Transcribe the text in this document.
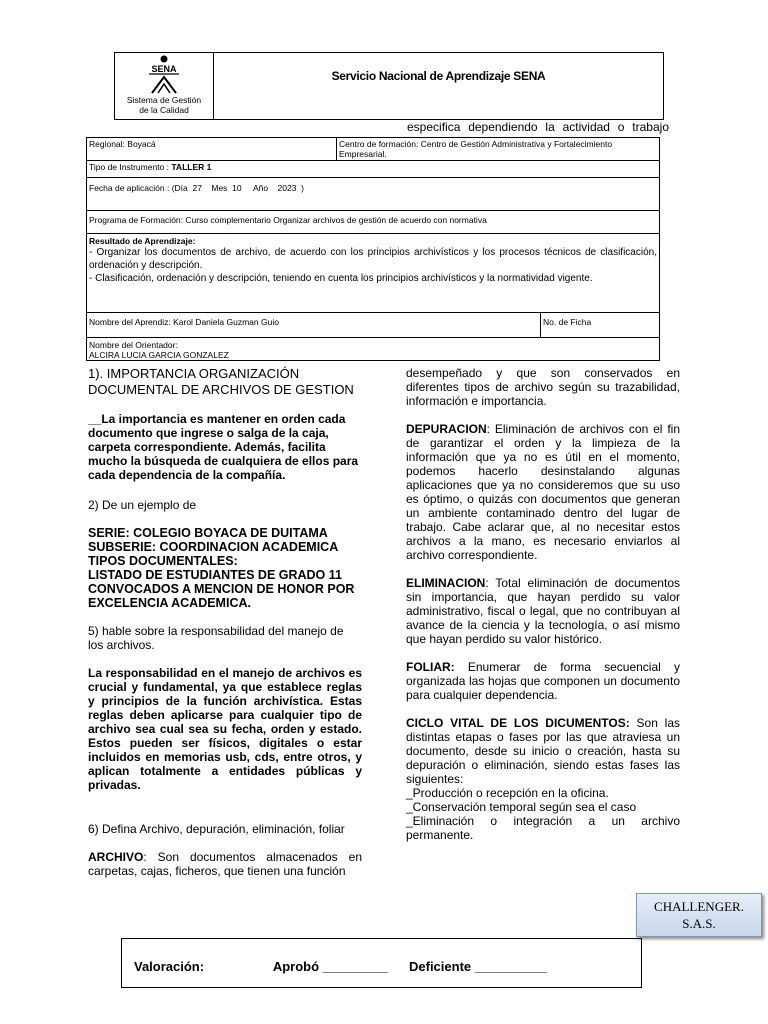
SENA
Sistema de Gestión
de la Calidad
Servicio Nacional de Aprendizaje SENA
especifica dependiendo la actividad o trabajo
Regional: Boyacá	Centro de formación: Centro de Gestión Administrativa y Fortalecimiento Empresarial.
Tipo de Instrumento : TALLER 1
Fecha de aplicación : (Día  27    Mes  10     Año    2023  )
Programa de Formación: Curso complementario Organizar archivos de gestión de acuerdo con normativa
Resultado de Aprendizaje:
- Organizar los documentos de archivo, de acuerdo con los principios archivísticos y los procesos técnicos de clasificación, ordenación y descripción.
- Clasificación, ordenación y descripción, teniendo en cuenta los principios archivísticos y la normatividad vigente.
Nombre del Aprendiz: Karol Daniela Guzman Guio	No. de Ficha
Nombre del Orientador:
ALCIRA LUCIA GARCIA GONZALEZ

1). IMPORTANCIA ORGANIZACIÓN DOCUMENTAL DE ARCHIVOS DE GESTION

__La importancia es mantener en orden cada documento que ingrese o salga de la caja, carpeta correspondiente. Además, facilita mucho la búsqueda de cualquiera de ellos para cada dependencia de la compañía.

2) De un ejemplo de

SERIE: COLEGIO BOYACA DE DUITAMA
SUBSERIE: COORDINACION ACADEMICA
TIPOS DOCUMENTALES:
LISTADO DE ESTUDIANTES DE GRADO 11
CONVOCADOS A MENCION DE HONOR POR EXCELENCIA ACADEMICA.

5) hable sobre la responsabilidad del manejo de los archivos.

La responsabilidad en el manejo de archivos es crucial y fundamental, ya que establece reglas y principios de la función archivística. Estas reglas deben aplicarse para cualquier tipo de archivo sea cual sea su fecha, orden y estado. Estos pueden ser físicos, digitales o estar incluidos en memorias usb, cds, entre otros, y aplican totalmente a entidades públicas y privadas.

6) Defina Archivo, depuración, eliminación, foliar

ARCHIVO: Son documentos almacenados en carpetas, cajas, ficheros, que tienen una función

desempeñado y que son conservados en diferentes tipos de archivo según su trazabilidad, información e importancia.

DEPURACION: Eliminación de archivos con el fin de garantizar el orden y la limpieza de la información que ya no es útil en el momento, podemos hacerlo desinstalando algunas aplicaciones que ya no consideremos que su uso es óptimo, o quizás con documentos que generan un ambiente contaminado dentro del lugar de trabajo. Cabe aclarar que, al no necesitar estos archivos a la mano, es necesario enviarlos al archivo correspondiente.

ELIMINACION: Total eliminación de documentos sin importancia, que hayan perdido su valor administrativo, fiscal o legal, que no contribuyan al avance de la ciencia y la tecnología, o así mismo que hayan perdido su valor histórico.

FOLIAR: Enumerar de forma secuencial y organizada las hojas que componen un documento para cualquier dependencia.

CICLO VITAL DE LOS DICUMENTOS: Son las distintas etapas o fases por las que atraviesa un documento, desde su inicio o creación, hasta su depuración o eliminación, siendo estas fases las siguientes:

_Producción o recepción en la oficina.
_Conservación temporal según sea el caso
_Eliminación o integración a un archivo permanente.
CHALLENGER.
S.A.S.
Valoración:	Aprobó _________ Deficiente __________
